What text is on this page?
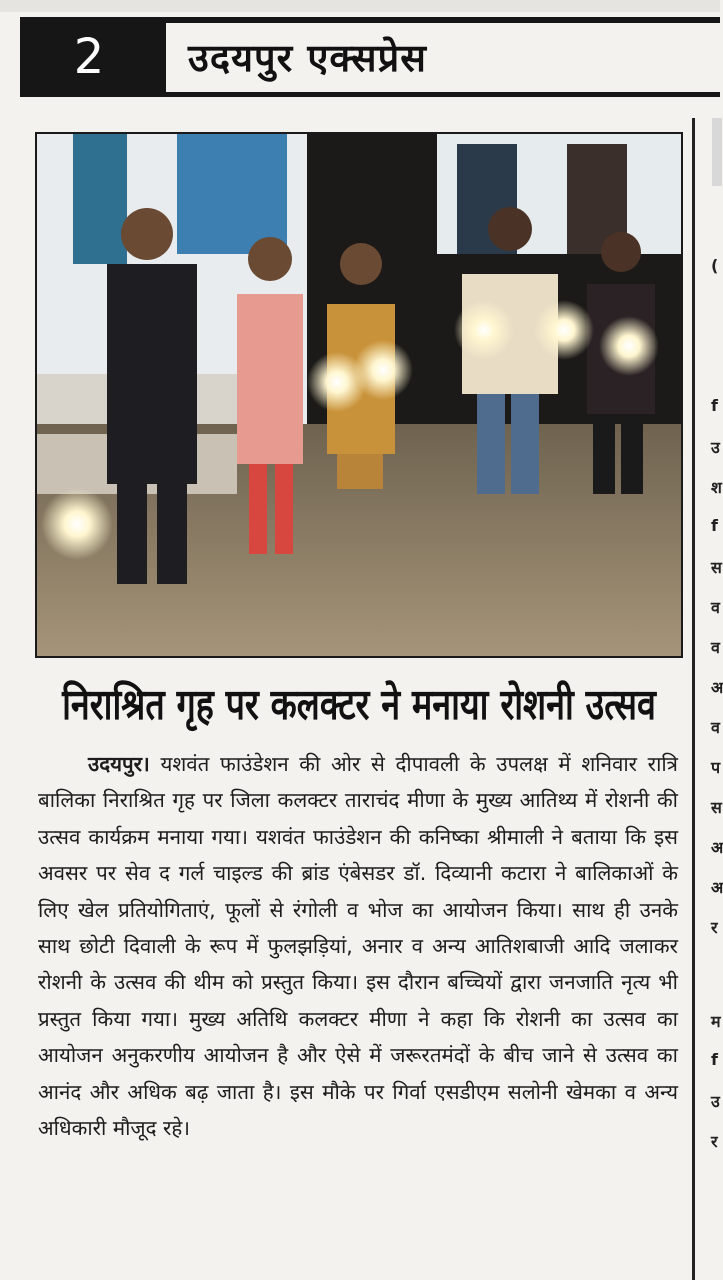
2	उदयपुर एक्सप्रेस
निराश्रित गृह पर कलक्टर ने मनाया रोशनी उत्सव

उदयपुर। यशवंत फाउंडेशन की ओर से दीपावली के उपलक्ष में शनिवार रात्रि बालिका निराश्रित गृह पर जिला कलक्टर ताराचंद मीणा के मुख्य आतिथ्य में रोशनी की उत्सव कार्यक्रम मनाया गया। यशवंत फाउंडेशन की कनिष्का श्रीमाली ने बताया कि इस अवसर पर सेव द गर्ल चाइल्ड की ब्रांड एंबेसडर डॉ. दिव्यानी कटारा ने बालिकाओं के लिए खेल प्रतियोगिताएं, फूलों से रंगोली व भोज का आयोजन किया। साथ ही उनके साथ छोटी दिवाली के रूप में फुलझड़ियां, अनार व अन्य आतिशबाजी आदि जलाकर रोशनी के उत्सव की थीम को प्रस्तुत किया। इस दौरान बच्चियों द्वारा जनजाति नृत्य भी प्रस्तुत किया गया। मुख्य अतिथि कलक्टर मीणा ने कहा कि रोशनी का उत्सव का आयोजन अनुकरणीय आयोजन है और ऐसे में जरूरतमंदों के बीच जाने से उत्सव का आनंद और अधिक बढ़ जाता है। इस मौके पर गिर्वा एसडीएम सलोनी खेमका व अन्य अधिकारी मौजूद रहे।

(
f
उ
श
f
स
व
व
अ
व
प
स
अ
अ
र
म
f
उ
र
